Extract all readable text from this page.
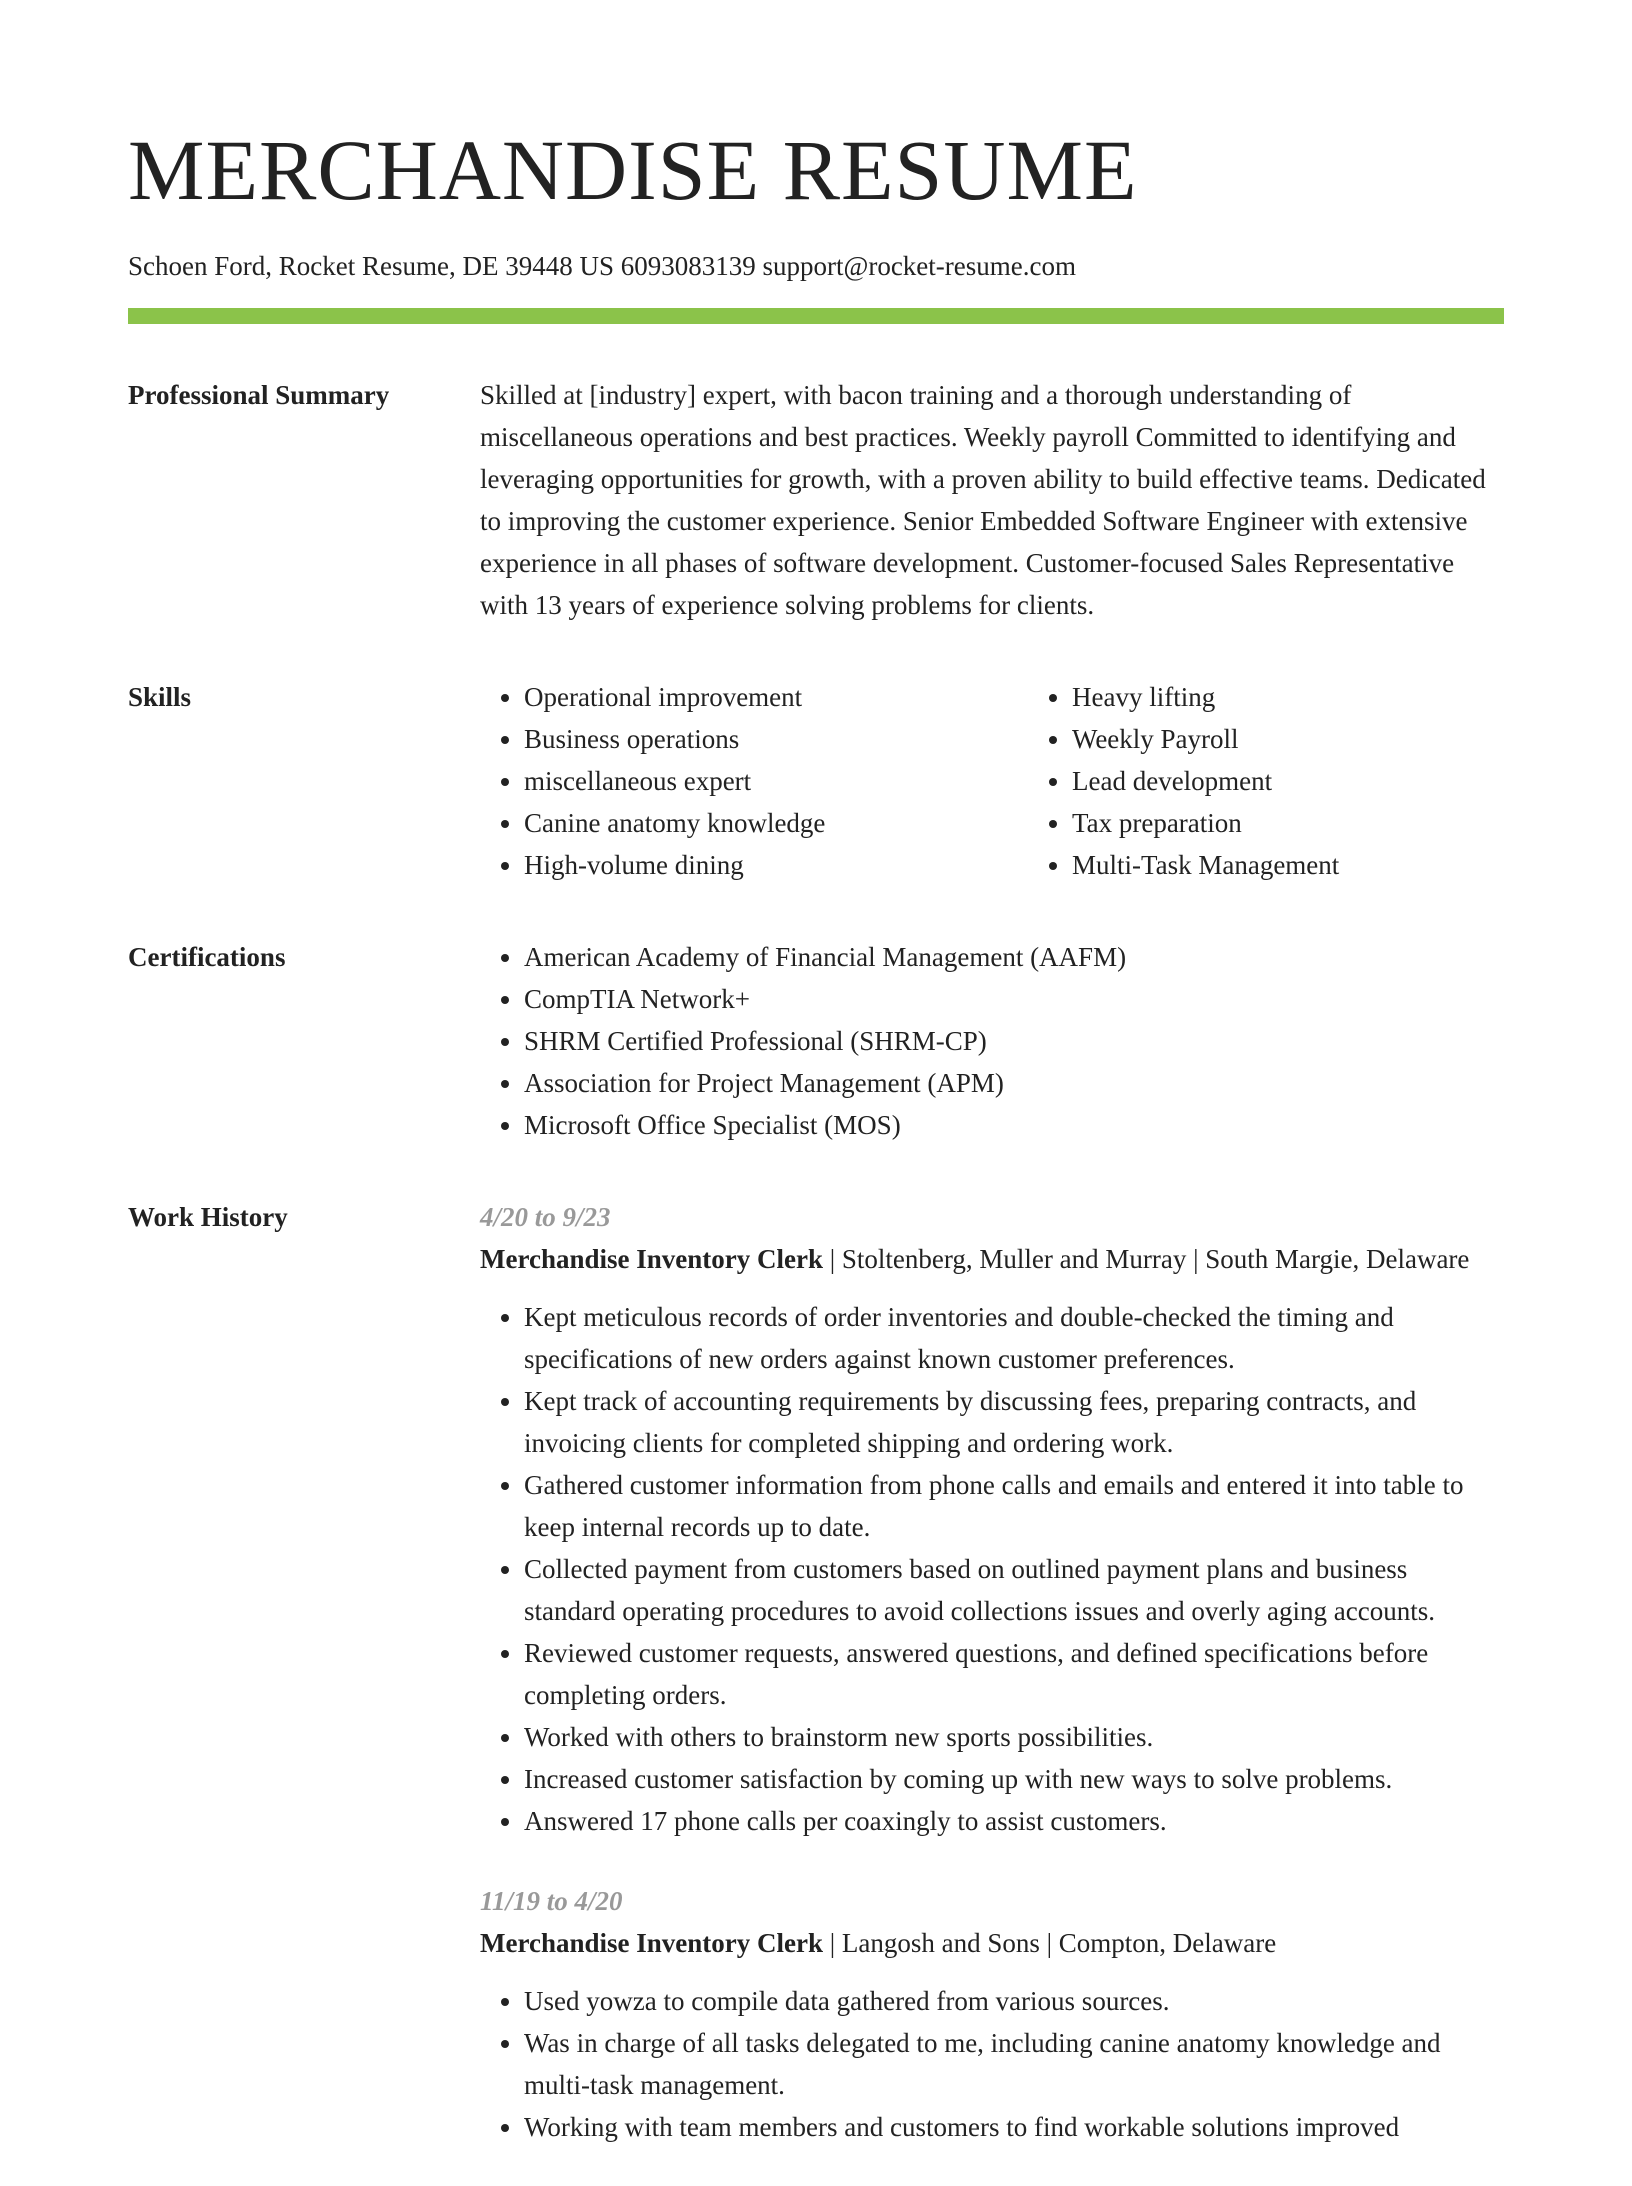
MERCHANDISE RESUME
Schoen Ford, Rocket Resume, DE 39448 US 6093083139 support@rocket-resume.com
Professional Summary	Skilled at [industry] expert, with bacon training and a thorough understanding of miscellaneous operations and best practices. Weekly payroll Committed to identifying and leveraging opportunities for growth, with a proven ability to build effective teams. Dedicated to improving the customer experience. Senior Embedded Software Engineer with extensive experience in all phases of software development. Customer-focused Sales Representative with 13 years of experience solving problems for clients.

Skills	• Operational improvement
• Business operations
• miscellaneous expert
• Canine anatomy knowledge
• High-volume dining
• Heavy lifting
• Weekly Payroll
• Lead development
• Tax preparation
• Multi-Task Management
Certifications	• American Academy of Financial Management (AAFM)
• CompTIA Network+
• SHRM Certified Professional (SHRM-CP)
• Association for Project Management (APM)
• Microsoft Office Specialist (MOS)
Work History	4/20 to 9/23
Merchandise Inventory Clerk | Stoltenberg, Muller and Murray | South Margie, Delaware
• Kept meticulous records of order inventories and double-checked the timing and specifications of new orders against known customer preferences.
• Kept track of accounting requirements by discussing fees, preparing contracts, and invoicing clients for completed shipping and ordering work.
• Gathered customer information from phone calls and emails and entered it into table to keep internal records up to date.
• Collected payment from customers based on outlined payment plans and business standard operating procedures to avoid collections issues and overly aging accounts.
• Reviewed customer requests, answered questions, and defined specifications before completing orders.
• Worked with others to brainstorm new sports possibilities.
• Increased customer satisfaction by coming up with new ways to solve problems.
• Answered 17 phone calls per coaxingly to assist customers.
11/19 to 4/20
Merchandise Inventory Clerk | Langosh and Sons | Compton, Delaware
• Used yowza to compile data gathered from various sources.
• Was in charge of all tasks delegated to me, including canine anatomy knowledge and multi-task management.
• Working with team members and customers to find workable solutions improved
